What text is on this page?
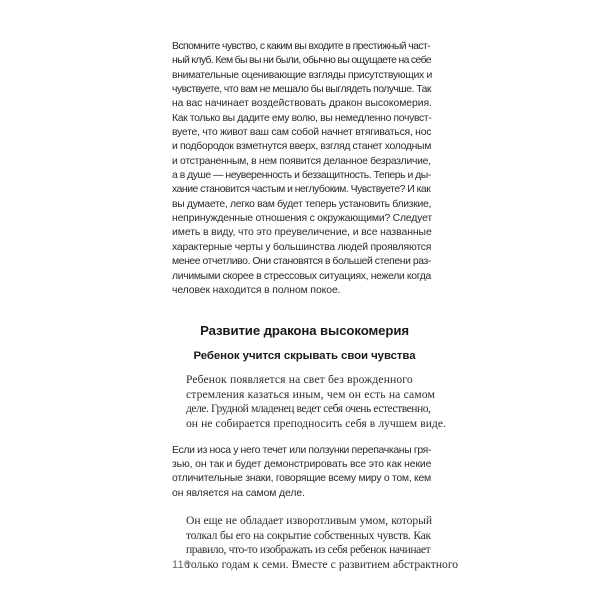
Вспомните чувство, с каким вы входите в престижный част-
ный клуб. Кем бы вы ни были, обычно вы ощущаете на себе
внимательные оценивающие взгляды присутствующих и
чувствуете, что вам не мешало бы выглядеть получше. Так
на вас начинает воздействовать дракон высокомерия.
Как только вы дадите ему волю, вы немедленно почувст-
вуете, что живот ваш сам собой начнет втягиваться, нос
и подбородок взметнутся вверх, взгляд станет холодным
и отстраненным, в нем появится деланное безразличие,
а в душе — неуверенность и беззащитность. Теперь и ды-
хание становится частым и неглубоким. Чувствуете? И как
вы думаете, легко вам будет теперь установить близкие,
непринужденные отношения с окружающими? Следует
иметь в виду, что это преувеличение, и все названные
характерные черты у большинства людей проявляются
менее отчетливо. Они становятся в большей степени раз-
личимыми скорее в стрессовых ситуациях, нежели когда
человек находится в полном покое.

Развитие дракона высокомерия
Ребенок учится скрывать свои чувства

Ребенок появляется на свет без врожденного
стремления казаться иным, чем он есть на самом
деле. Грудной младенец ведет себя очень естественно,
он не собирается преподносить себя в лучшем виде.

Если из носа у него течет или ползунки перепачканы гря-
зью, он так и будет демонстрировать все это как некие
отличительные знаки, говорящие всему миру о том, кем
он является на самом деле.

Он еще не обладает изворотливым умом, который
толкал бы его на сокрытие собственных чувств. Как
правило, что-то изображать из себя ребенок начинает
только годам к семи. Вместе с развитием абстрактного

116
